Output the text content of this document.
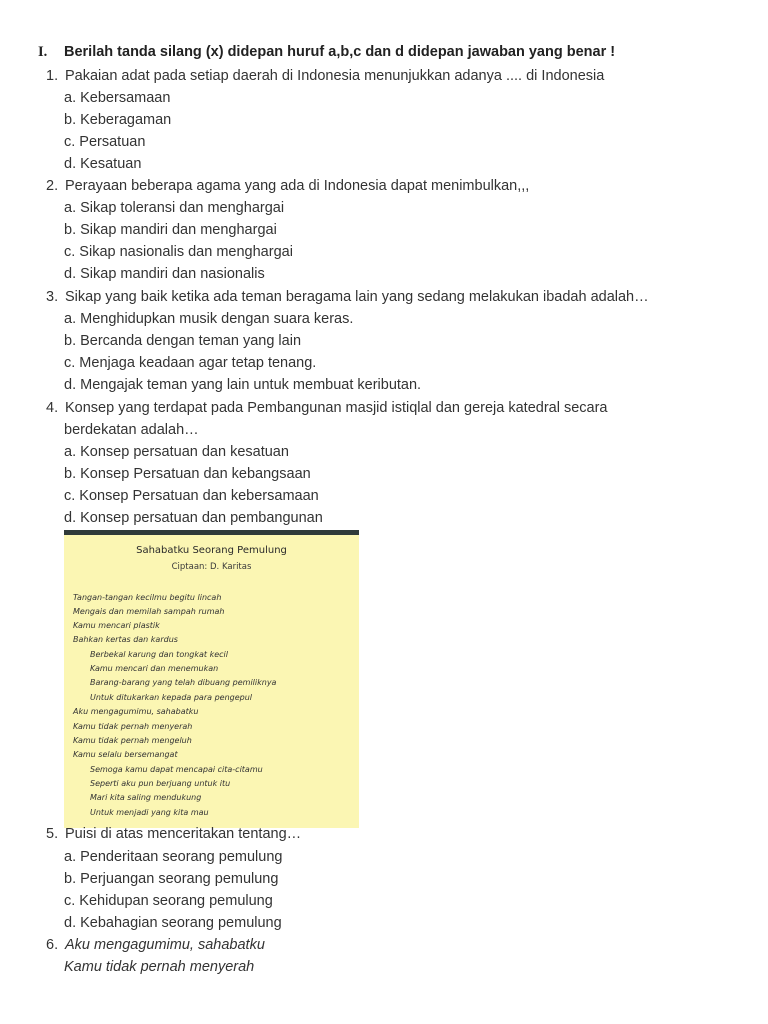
I. Berilah tanda silang (x) didepan huruf a,b,c dan d didepan jawaban yang benar !
1. Pakaian adat pada setiap daerah di Indonesia menunjukkan adanya .... di Indonesia
a. Kebersamaan
b. Keberagaman
c. Persatuan
d. Kesatuan
2. Perayaan beberapa agama yang ada di Indonesia dapat menimbulkan,,,
a. Sikap toleransi dan menghargai
b. Sikap mandiri dan menghargai
c. Sikap nasionalis dan menghargai
d. Sikap mandiri dan nasionalis
3. Sikap yang baik ketika ada teman beragama lain yang sedang melakukan ibadah adalah…
a. Menghidupkan musik dengan suara keras.
b. Bercanda dengan teman yang lain
c. Menjaga keadaan agar tetap tenang.
d. Mengajak teman yang lain untuk membuat keributan.
4. Konsep yang terdapat pada Pembangunan masjid istiqlal dan gereja katedral secara
berdekatan adalah…
a. Konsep persatuan dan kesatuan
b. Konsep Persatuan dan kebangsaan
c. Konsep Persatuan dan kebersamaan
d. Konsep persatuan dan pembangunan
Sahabatku Seorang Pemulung
Ciptaan: D. Karitas
Tangan-tangan kecilmu begitu lincah
Mengais dan memilah sampah rumah
Kamu mencari plastik
Bahkan kertas dan kardus
Berbekal karung dan tongkat kecil
Kamu mencari dan menemukan
Barang-barang yang telah dibuang pemiliknya
Untuk ditukarkan kepada para pengepul
Aku mengagumimu, sahabatku
Kamu tidak pernah menyerah
Kamu tidak pernah mengeluh
Kamu selalu bersemangat
Semoga kamu dapat mencapai cita-citamu
Seperti aku pun berjuang untuk itu
Mari kita saling mendukung
Untuk menjadi yang kita mau
5. Puisi di atas menceritakan tentang…
a. Penderitaan seorang pemulung
b. Perjuangan seorang pemulung
c. Kehidupan seorang pemulung
d. Kebahagian seorang pemulung
6. Aku mengagumimu, sahabatku
Kamu tidak pernah menyerah
